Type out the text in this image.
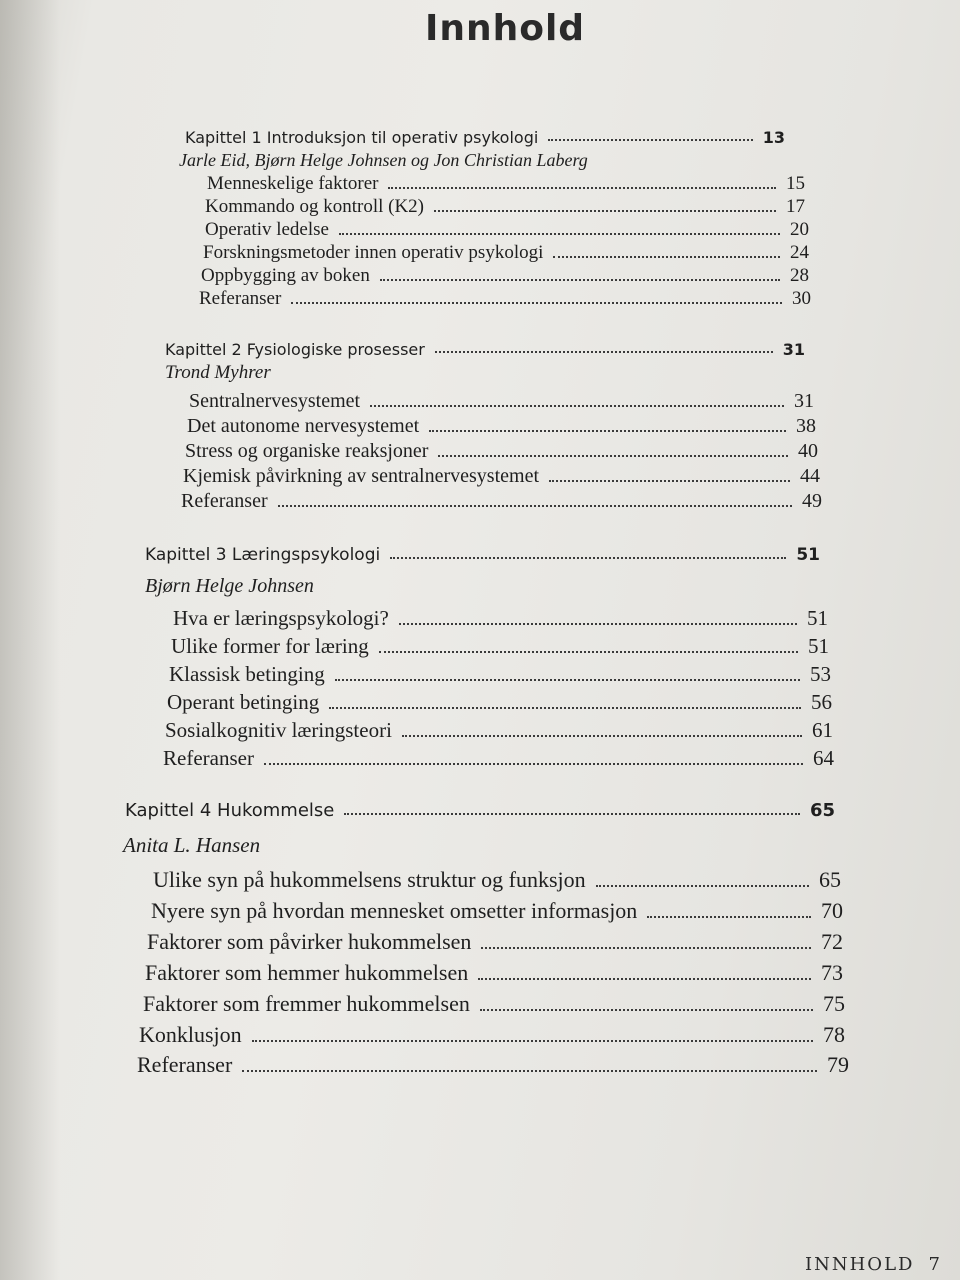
Innhold
Kapittel 1 Introduksjon til operativ psykologi	13
Jarle Eid, Bjørn Helge Johnsen og Jon Christian Laberg
Menneskelige faktorer	15
Kommando og kontroll (K2)	17
Operativ ledelse	20
Forskningsmetoder innen operativ psykologi	24
Oppbygging av boken	28
Referanser	30
Kapittel 2 Fysiologiske prosesser	31
Trond Myhrer
Sentralnervesystemet	31
Det autonome nervesystemet	38
Stress og organiske reaksjoner	40
Kjemisk påvirkning av sentralnervesystemet	44
Referanser	49
Kapittel 3 Læringspsykologi	51
Bjørn Helge Johnsen
Hva er læringspsykologi?	51
Ulike former for læring	51
Klassisk betinging	53
Operant betinging	56
Sosialkognitiv læringsteori	61
Referanser	64
Kapittel 4 Hukommelse	65
Anita L. Hansen
Ulike syn på hukommelsens struktur og funksjon	65
Nyere syn på hvordan mennesket omsetter informasjon	70
Faktorer som påvirker hukommelsen	72
Faktorer som hemmer hukommelsen	73
Faktorer som fremmer hukommelsen	75
Konklusjon	78
Referanser	79
INNHOLD 7
